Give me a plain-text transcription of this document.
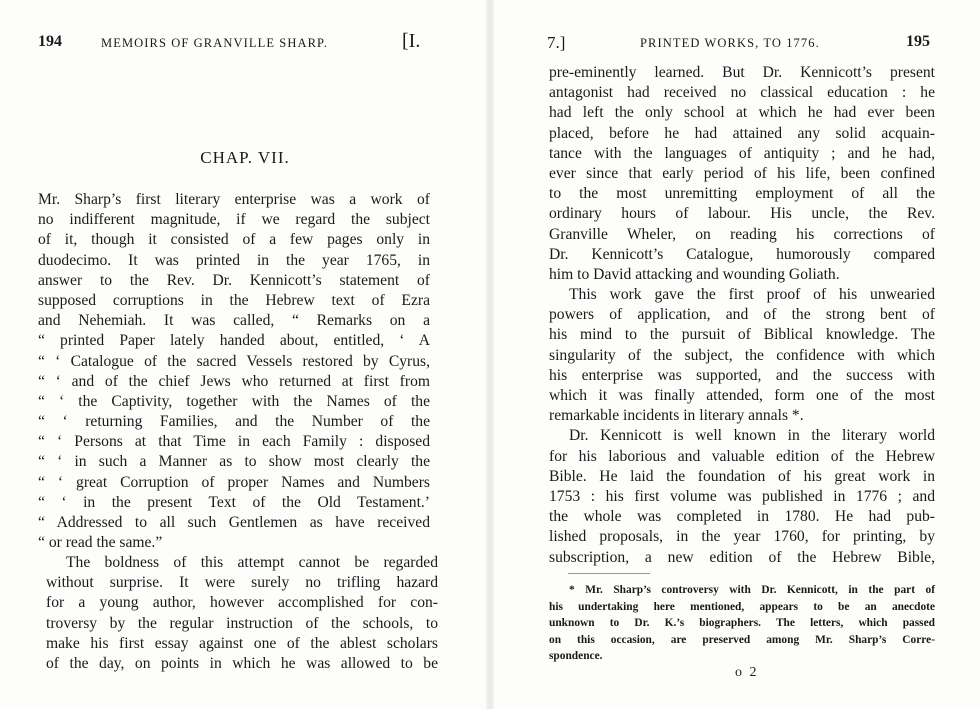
194	MEMOIRS OF GRANVILLE SHARP.	[I.
CHAP. VII.
Mr. Sharp’s first literary enterprise was a work of
no indifferent magnitude, if we regard the subject
of it, though it consisted of a few pages only in
duodecimo. It was printed in the year 1765, in
answer to the Rev. Dr. Kennicott’s statement of
supposed corruptions in the Hebrew text of Ezra
and Nehemiah. It was called, “ Remarks on a
“ printed Paper lately handed about, entitled, ‘ A
“ ‘ Catalogue of the sacred Vessels restored by Cyrus,
“ ‘ and of the chief Jews who returned at first from
“ ‘ the Captivity, together with the Names of the
“ ‘ returning Families, and the Number of the
“ ‘ Persons at that Time in each Family : disposed
“ ‘ in such a Manner as to show most clearly the
“ ‘ great Corruption of proper Names and Numbers
“ ‘ in the present Text of the Old Testament.’
“ Addressed to all such Gentlemen as have received
“ or read the same.”
The boldness of this attempt cannot be regarded
without surprise. It were surely no trifling hazard
for a young author, however accomplished for con-
troversy by the regular instruction of the schools, to
make his first essay against one of the ablest scholars
of the day, on points in which he was allowed to be
7.]	PRINTED WORKS, TO 1776.	195
pre-eminently learned. But Dr. Kennicott’s present
antagonist had received no classical education : he
had left the only school at which he had ever been
placed, before he had attained any solid acquain-
tance with the languages of antiquity ; and he had,
ever since that early period of his life, been confined
to the most unremitting employment of all the
ordinary hours of labour. His uncle, the Rev.
Granville Wheler, on reading his corrections of
Dr. Kennicott’s Catalogue, humorously compared
him to David attacking and wounding Goliath.
This work gave the first proof of his unwearied
powers of application, and of the strong bent of
his mind to the pursuit of Biblical knowledge. The
singularity of the subject, the confidence with which
his enterprise was supported, and the success with
which it was finally attended, form one of the most
remarkable incidents in literary annals *.
Dr. Kennicott is well known in the literary world
for his laborious and valuable edition of the Hebrew
Bible. He laid the foundation of his great work in
1753 : his first volume was published in 1776 ; and
the whole was completed in 1780. He had pub-
lished proposals, in the year 1760, for printing, by
subscription, a new edition of the Hebrew Bible,
* Mr. Sharp’s controversy with Dr. Kennicott, in the part of
his undertaking here mentioned, appears to be an anecdote
unknown to Dr. K.’s biographers. The letters, which passed
on this occasion, are preserved among Mr. Sharp’s Corre-
spondence.
o 2
